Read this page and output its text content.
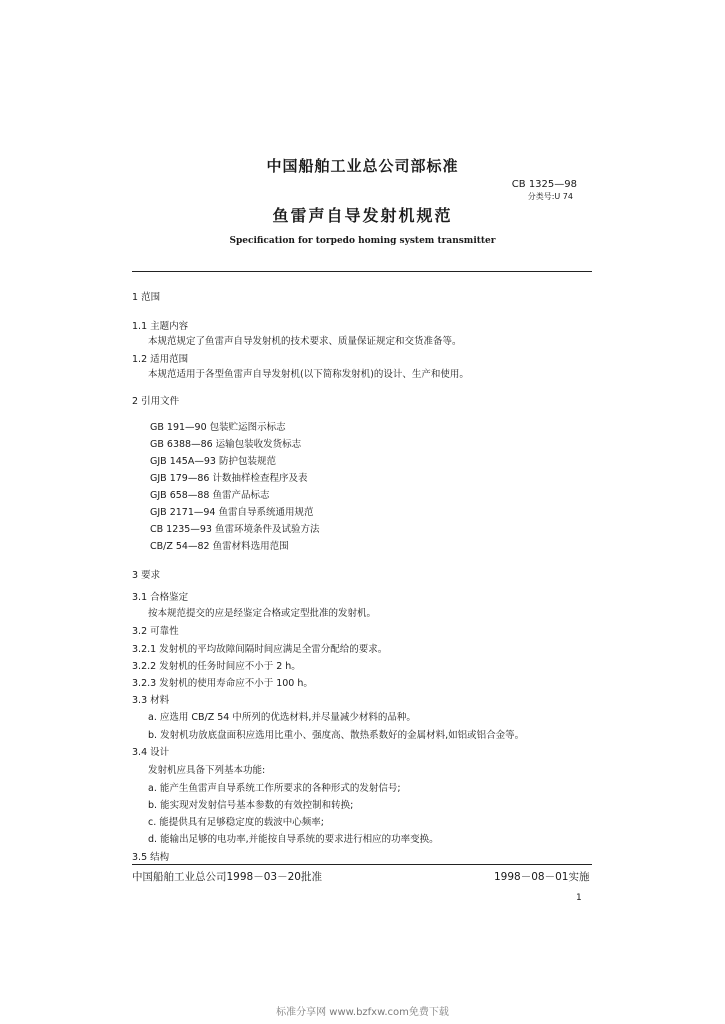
中国船舶工业总公司部标准
CB 1325—98
分类号:U 74
鱼雷声自导发射机规范
Specification for torpedo homing system transmitter
1 范围
1.1 主题内容
本规范规定了鱼雷声自导发射机的技术要求、质量保证规定和交货准备等。
1.2 适用范围
本规范适用于各型鱼雷声自导发射机(以下简称发射机)的设计、生产和使用。
2 引用文件
GB 191—90 包装贮运图示标志
GB 6388—86 运输包装收发货标志
GJB 145A—93 防护包装规范
GJB 179—86 计数抽样检查程序及表
GJB 658—88 鱼雷产品标志
GJB 2171—94 鱼雷自导系统通用规范
CB 1235—93 鱼雷环境条件及试验方法
CB/Z 54—82 鱼雷材料选用范围
3 要求
3.1 合格鉴定
按本规范提交的应是经鉴定合格或定型批准的发射机。
3.2 可靠性
3.2.1 发射机的平均故障间隔时间应满足全雷分配给的要求。
3.2.2 发射机的任务时间应不小于 2 h。
3.2.3 发射机的使用寿命应不小于 100 h。
3.3 材料
a. 应选用 CB/Z 54 中所列的优选材料,并尽量减少材料的品种。
b. 发射机功放底盘面积应选用比重小、强度高、散热系数好的金属材料,如铝或铝合金等。
3.4 设计
发射机应具备下列基本功能:
a. 能产生鱼雷声自导系统工作所要求的各种形式的发射信号;
b. 能实现对发射信号基本参数的有效控制和转换;
c. 能提供具有足够稳定度的载波中心频率;
d. 能输出足够的电功率,并能按自导系统的要求进行相应的功率变换。
3.5 结构
中国船舶工业总公司1998－03－20批准	1998－08－01实施
1
标准分享网 www.bzfxw.com免费下载
